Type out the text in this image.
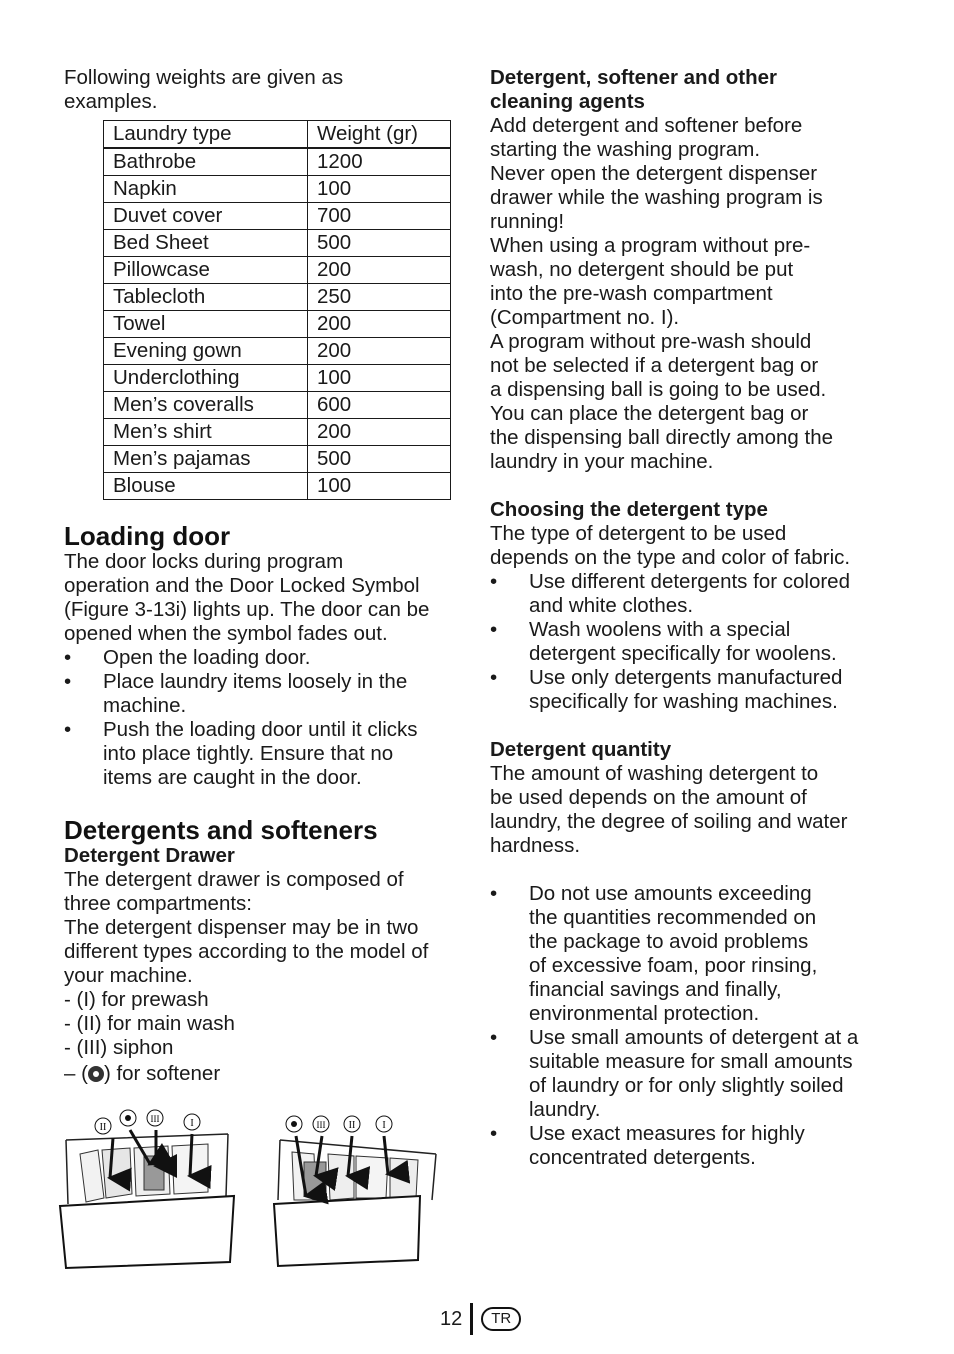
Following weights are given as
examples.

Laundry type	Weight (gr)
Bathrobe	1200
Napkin	100
Duvet cover	700
Bed Sheet	500
Pillowcase	200
Tablecloth	250
Towel	200
Evening gown	200
Underclothing	100
Men’s coveralls	600
Men’s shirt	200
Men’s pajamas	500
Blouse	100
Loading door

The door locks during program

operation and the Door Locked Symbol

(Figure 3-13i) lights up. The door can be

opened when the symbol fades out.

•	Open the loading door.
•	Place laundry items loosely in the
machine.
•	Push the loading door until it clicks
into place tightly. Ensure that no
items are caught in the door.
Detergents and softeners
Detergent Drawer

The detergent drawer is composed of

three compartments:

The detergent dispenser may be in two

different types according to the model of

your machine.

- (I) for prewash

- (II) for main wash

- (III) siphon

– ( ) for softener

II
III	I	III II	I
Detergent, softener and other
cleaning agents

Add detergent and softener before

starting the washing program.

Never open the detergent dispenser

drawer while the washing program is

running!

When using a program without pre-

wash, no detergent should be put

into the pre-wash compartment

(Compartment no. I).

A program without pre-wash should

not be selected if a detergent bag or

a dispensing ball is going to be used.

You can place the detergent bag or

the dispensing ball directly among the

laundry in your machine.

Choosing the detergent type

The type of detergent to be used

depends on the type and color of fabric.

•	Use different detergents for colored
and white clothes.
•	Wash woolens with a special
detergent specifically for woolens.
•	Use only detergents manufactured
specifically for washing machines.
Detergent quantity

The amount of washing detergent to

be used depends on the amount of

laundry, the degree of soiling and water

hardness.

•	Do not use amounts exceeding
the quantities recommended on
the package to avoid problems
of excessive foam, poor rinsing,
financial savings and finally,
environmental protection.
•	Use small amounts of detergent at a
suitable measure for small amounts
of laundry or for only slightly soiled
laundry.
•	Use exact measures for highly
concentrated detergents.
12	TR
